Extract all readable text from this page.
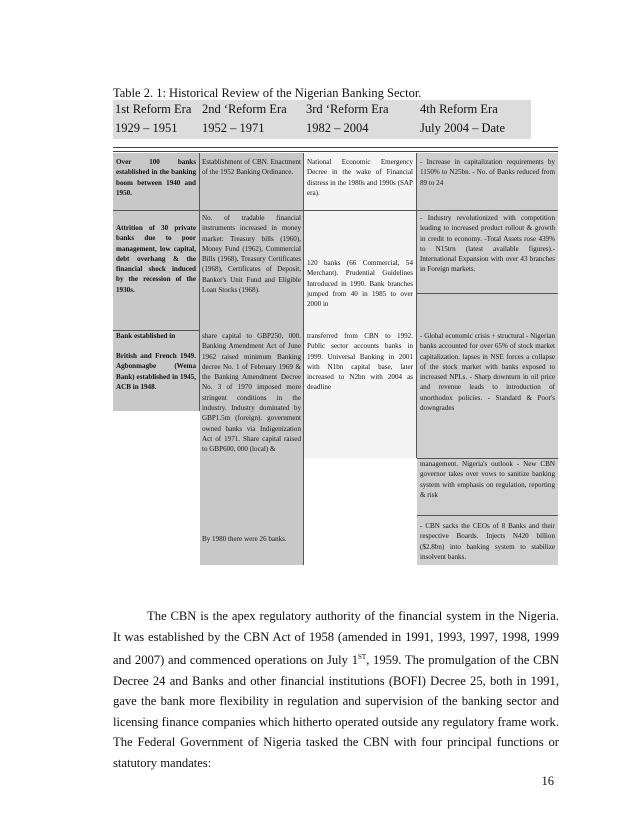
Table 2. 1: Historical Review of the Nigerian Banking Sector.
1st Reform Era
1929 – 1951
2nd ‘Reform Era
1952 – 1971
3rd ‘Reform Era
1982 – 2004
4th Reform Era
July 2004 – Date
Over 100 banks established in the banking boom between 1940 and 1950.
Attrition of 30 private banks due to poor management, low capital, debt overhang & the financial shock induced by the recession of the 1930s.
Bank established in
British and French 1949. Agbonmagbe (Wema Bank) established in 1945, ACB in 1948.
Establishment of CBN. Enactment of the 1952 Banking Ordinance.
No. of tradable financial instruments increased in money market: Treasury bills (1960), Money Fund (1962), Commercial Bills (1968), Treasury Certificates (1968), Certificates of Deposit, Banker's Unit Fund and Eligible Loan Stocks (1968).
share capital to GBP250, 000. Banking Amendment Act of June 1962 raised minimum Banking decree No. 1 of February 1969 & the Banking Amendment Decree No. 3 of 1970 imposed more stringent conditions in the industry. Industry dominated by GBP1.5m (foreign). government owned banks via Indigenization Act of 1971. Share capital raised to GBP600, 000 (local) &
By 1980 there were 26 banks.
National Economic Emergency Decree in the wake of Financial distress in the 1980s and 1990s (SAP era).
120 banks (66 Commercial, 54 Merchant). Prudential Guidelines Introduced in 1990. Bank branches jumped from 40 in 1985 to over 2000 in
transferred from CBN to 1992. Public sector accounts banks in 1999. Universal Banking in 2001 with N1bn capital base, later increased to N2bn with 2004 as deadline
- Increase in capitalization requirements by 1150% to N25bn. - No. of Banks reduced from 89 to 24
- Industry revolutionized with competition leading to increased product rollout & growth in credit to economy. -Total Assets rose 439% to N15trn (latest available figures).- International Expansion with over 43 branches in Foreign markets.
- Global economic crisis + structural - Nigerian banks accounted for over 65% of stock market capitalization. lapses in NSE forces a collapse of the stock market with banks exposed to increased NPLs. - Sharp downturn in oil price and revenue leads to introduction of unorthodox policies. - Standard & Poor's downgrades
management. Nigeria's outlook - New CBN governor takes over vows to sanitize banking system with emphasis on regulation, reporting & risk
- CBN sacks the CEOs of 8 Banks and their respective Boards. Injects N420 billion ($2.8bn) into banking system to stabilize insolvent banks.
The CBN is the apex regulatory authority of the financial system in the Nigeria. It was established by the CBN Act of 1958 (amended in 1991, 1993, 1997, 1998, 1999 and 2007) and commenced operations on July 1ST, 1959. The promulgation of the CBN Decree 24 and Banks and other financial institutions (BOFI) Decree 25, both in 1991, gave the bank more flexibility in regulation and supervision of the banking sector and licensing finance companies which hitherto operated outside any regulatory frame work. The Federal Government of Nigeria tasked the CBN with four principal functions or statutory mandates:
16
